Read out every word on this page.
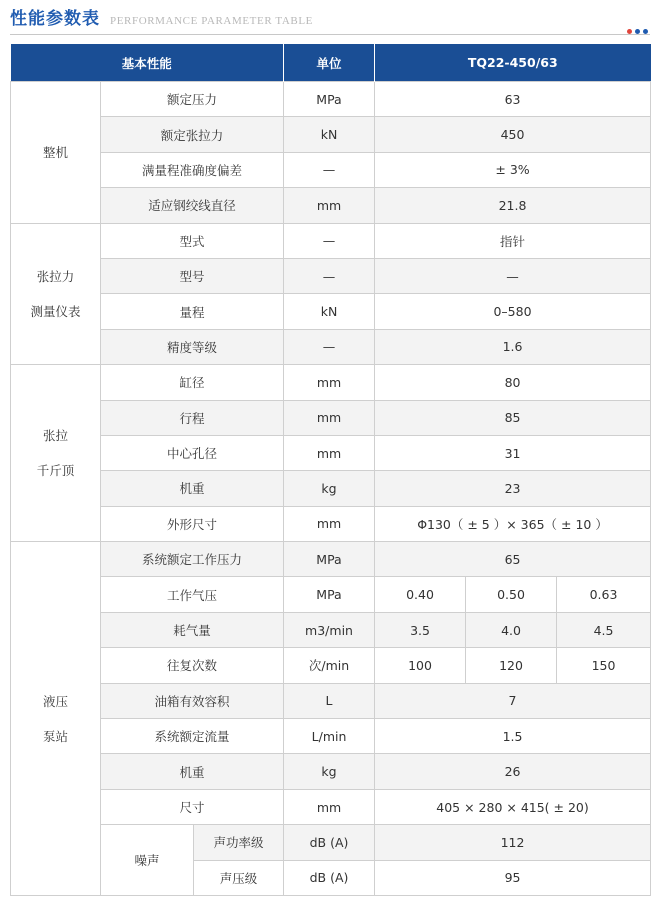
性能参数表 PERFORMANCE PARAMETER TABLE
基本性能			单位	TQ22-450/63		

整机	额定压力		MPa	63		
	额定张拉力		kN	450		
	满量程准确度偏差		—	± 3%		
	适应钢绞线直径		mm	21.8		

张拉力
测量仪表	型式		—	指针		
	型号		—	—		
	量程		kN	0–580		
	精度等级		—	1.6		

张拉
千斤顶	缸径		mm	80		
	行程		mm	85		
	中心孔径		mm	31		
	机重		kg	23		
	外形尺寸		mm	Φ130（ ± 5 ）× 365（ ± 10 ）		

液压
泵站	系统额定工作压力		MPa	65		
	工作气压		MPa	0.40	0.50	0.63
	耗气量		m3/min	3.5	4.0	4.5
	往复次数		次/min	100	120	150
	油箱有效容积		L	7		
	系统额定流量		L/min	1.5		
	机重		kg	26		
	尺寸		mm	405 × 280 × 415( ± 20)		
	噪声	声功率级	dB (A)	112		
		声压级	dB (A)	95		
